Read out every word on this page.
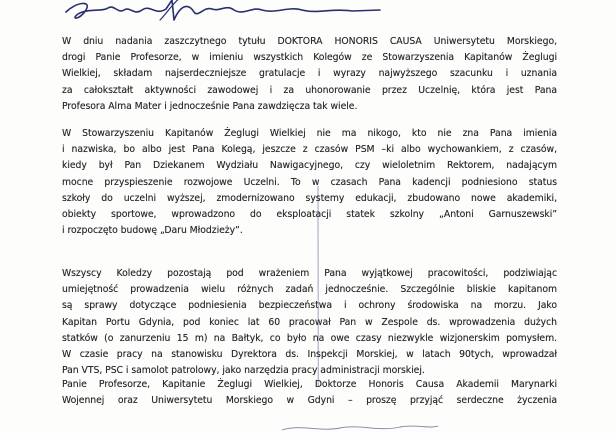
W dniu nadania zaszczytnego tytułu DOKTORA HONORIS CAUSA Uniwersytetu Morskiego,
drogi Panie Profesorze, w imieniu wszystkich Kolegów ze Stowarzyszenia Kapitanów Żeglugi
Wielkiej, składam najserdeczniejsze gratulacje i wyrazy najwyższego szacunku i uznania
za całokształt aktywności zawodowej i za uhonorowanie przez Uczelnię, która jest Pana
Profesora Alma Mater i jednocześnie Pana zawdzięcza tak wiele.
W Stowarzyszeniu Kapitanów Żeglugi Wielkiej nie ma nikogo, kto nie zna Pana imienia
i nazwiska, bo albo jest Pana Kolegą, jeszcze z czasów PSM –ki albo wychowankiem, z czasów,
kiedy był Pan Dziekanem Wydziału Nawigacyjnego, czy wieloletnim Rektorem, nadającym
mocne przyspieszenie rozwojowe Uczelni. To w czasach Pana kadencji podniesiono status
szkoły do uczelni wyższej, zmodernizowano systemy edukacji, zbudowano nowe akademiki,
obiekty sportowe, wprowadzono do eksploatacji statek szkolny „Antoni Garnuszewski”
i rozpoczęto budowę „Daru Młodzieży”.
Wszyscy Koledzy pozostają pod wrażeniem Pana wyjątkowej pracowitości, podziwiając
umiejętność prowadzenia wielu różnych zadań jednocześnie. Szczególnie bliskie kapitanom
są sprawy dotyczące podniesienia bezpieczeństwa i ochrony środowiska na morzu. Jako
Kapitan Portu Gdynia, pod koniec lat 60 pracował Pan w Zespole ds. wprowadzenia dużych
statków (o zanurzeniu 15 m) na Bałtyk, co było na owe czasy niezwykle wizjonerskim pomysłem.
W czasie pracy na stanowisku Dyrektora ds. Inspekcji Morskiej, w latach 90tych, wprowadzał
Pan VTS, PSC i samolot patrolowy, jako narzędzia pracy administracji morskiej.
Panie Profesorze, Kapitanie Żeglugi Wielkiej, Doktorze Honoris Causa Akademii Marynarki
Wojennej oraz Uniwersytetu Morskiego w Gdyni – proszę przyjąć serdeczne życzenia
